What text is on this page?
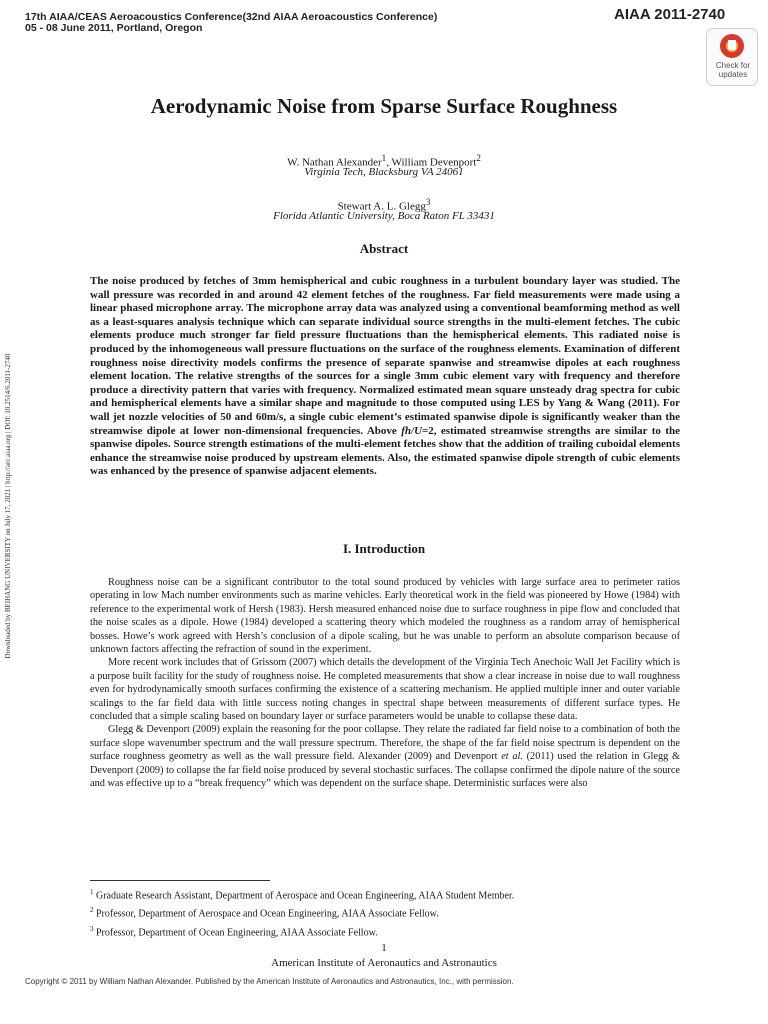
17th AIAA/CEAS Aeroacoustics Conference(32nd AIAA Aeroacoustics Conference)
05 - 08 June 2011, Portland, Oregon
AIAA 2011-2740
Check for
updates
Downloaded by BEIHANG UNIVERSITY on July 17, 2021 | http://arc.aiaa.org | DOI: 10.2514/6.2011-2740
Aerodynamic Noise from Sparse Surface Roughness
W. Nathan Alexander$^1$, William Devenport$^2$
Virginia Tech, Blacksburg VA 24061
Stewart A. L. Glegg$^3$
Florida Atlantic University, Boca Raton FL 33431
Abstract
The noise produced by fetches of 3mm hemispherical and cubic roughness in a turbulent boundary layer was studied. The wall pressure was recorded in and around 42 element fetches of the roughness. Far field measurements were made using a linear phased microphone array. The microphone array data was analyzed using a conventional beamforming method as well as a least-squares analysis technique which can separate individual source strengths in the multi-element fetches. The cubic elements produce much stronger far field pressure fluctuations than the hemispherical elements. This radiated noise is produced by the inhomogeneous wall pressure fluctuations on the surface of the roughness elements. Examination of different roughness noise directivity models confirms the presence of separate spanwise and streamwise dipoles at each roughness element location. The relative strengths of the sources for a single 3mm cubic element vary with frequency and therefore produce a directivity pattern that varies with frequency. Normalized estimated mean square unsteady drag spectra for cubic and hemispherical elements have a similar shape and magnitude to those computed using LES by Yang & Wang (2011). For wall jet nozzle velocities of 50 and 60m/s, a single cubic element’s estimated spanwise dipole is significantly weaker than the streamwise dipole at lower non-dimensional frequencies. Above fh/U=2, estimated streamwise strengths are similar to the spanwise dipoles. Source strength estimations of the multi-element fetches show that the addition of trailing cuboidal elements enhance the streamwise noise produced by upstream elements. Also, the estimated spanwise dipole strength of cubic elements was enhanced by the presence of spanwise adjacent elements.
I. Introduction

Roughness noise can be a significant contributor to the total sound produced by vehicles with large surface area to perimeter ratios operating in low Mach number environments such as marine vehicles. Early theoretical work in the field was pioneered by Howe (1984) with reference to the experimental work of Hersh (1983). Hersh measured enhanced noise due to surface roughness in pipe flow and concluded that the noise scales as a dipole. Howe (1984) developed a scattering theory which modeled the roughness as a random array of hemispherical bosses. Howe’s work agreed with Hersh’s conclusion of a dipole scaling, but he was unable to perform an absolute comparison because of unknown factors affecting the refraction of sound in the experiment.

More recent work includes that of Grissom (2007) which details the development of the Virginia Tech Anechoic Wall Jet Facility which is a purpose built facility for the study of roughness noise. He completed measurements that show a clear increase in noise due to wall roughness even for hydrodynamically smooth surfaces confirming the existence of a scattering mechanism. He applied multiple inner and outer variable scalings to the far field data with little success noting changes in spectral shape between measurements of different surface types. He concluded that a simple scaling based on boundary layer or surface parameters would be unable to collapse these data.

Glegg & Devenport (2009) explain the reasoning for the poor collapse. They relate the radiated far field noise to a combination of both the surface slope wavenumber spectrum and the wall pressure spectrum. Therefore, the shape of the far field noise spectrum is dependent on the surface roughness geometry as well as the wall pressure field. Alexander (2009) and Devenport et al. (2011) used the relation in Glegg & Devenport (2009) to collapse the far field noise produced by several stochastic surfaces. The collapse confirmed the dipole nature of the source and was effective up to a “break frequency” which was dependent on the surface shape. Deterministic surfaces were also

$^1$ Graduate Research Assistant, Department of Aerospace and Ocean Engineering, AIAA Student Member.
$^2$ Professor, Department of Aerospace and Ocean Engineering, AIAA Associate Fellow.
$^3$ Professor, Department of Ocean Engineering, AIAA Associate Fellow.
1
American Institute of Aeronautics and Astronautics
Copyright © 2011 by William Nathan Alexander. Published by the American Institute of Aeronautics and Astronautics, Inc., with permission.
